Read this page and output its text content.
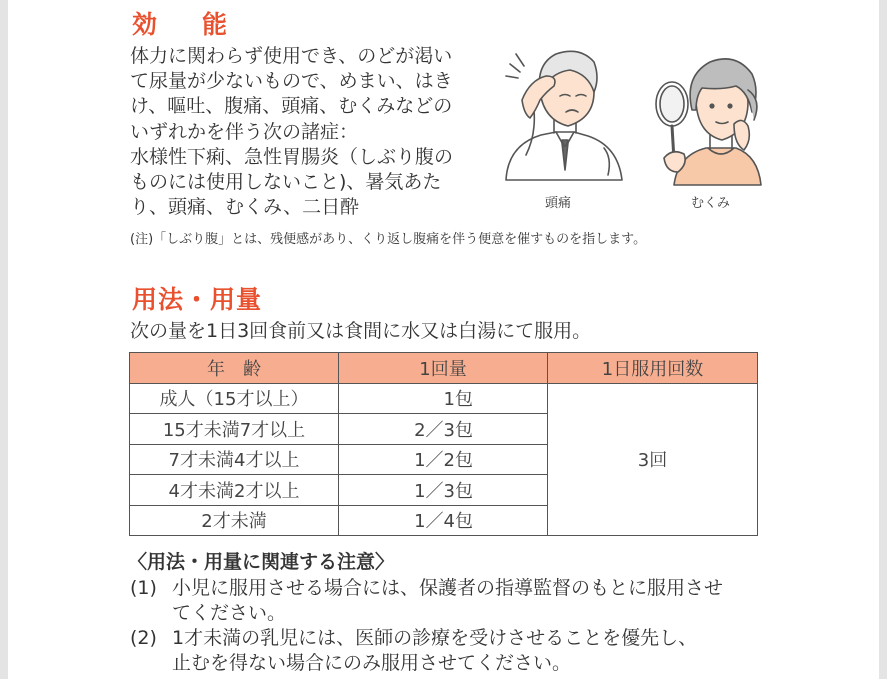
効　能
体力に関わらず使用でき、のどが渇い
て尿量が少ないもので、めまい、はき
け、嘔吐、腹痛、頭痛、むくみなどの
いずれかを伴う次の諸症：
水様性下痢、急性胃腸炎（しぶり腹の
ものには使用しないこと)、暑気あた
り、頭痛、むくみ、二日酔	頭痛	むくみ
(注)「しぶり腹」とは、残便感があり、くり返し腹痛を伴う便意を催すものを指します。
用法・用量
次の量を1日3回食前又は食間に水又は白湯にて服用。
年　齢	1回量	1日服用回数
成人（15才以上）	1包	3回
15才未満7才以上	2／3包	
7才未満4才以上	1／2包	
4才未満2才以上	1／3包	
2才未満	1／4包	
〈用法・用量に関連する注意〉
(1) 小児に服用させる場合には、保護者の指導監督のもとに服用させ
てください。
(2) 1才未満の乳児には、医師の診療を受けさせることを優先し、
止むを得ない場合にのみ服用させてください。
